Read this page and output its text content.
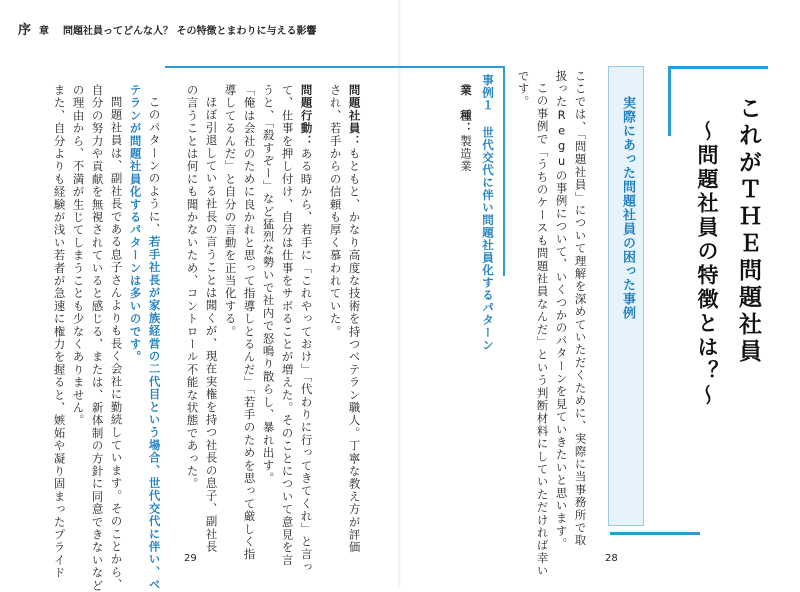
序 章 問題社員ってどんな人？ その特徴とまわりに与える影響
これがＴＨＥ問題社員
〜問題社員の特徴とは？〜
実際にあった問題社員の困った事例
ここでは、「問題社員」について理解を深めていただくために、実際に当事務所で取
扱ったReguの事例について、いくつかのパターンを見ていきたいと思います。
この事例で「うちのケースも問題社員なんだ」という判断材料にしていただければ幸い
です。
事例１ 世代交代に伴い問題社員化するパターン
業　種：製造業
問題社員：もともと、かなり高度な技術を持つベテラン職人。丁寧な教え方が評価
され、若手からの信頼も厚く慕われていた。
問題行動：ある時から、若手に「これやっておけ」「代わりに行ってきてくれ」と言っ
て、仕事を押し付け、自分は仕事をサボることが増えた。そのことについて意見を言
うと、「殺すぞー」など猛烈な勢いで社内で怒鳴り散らし、暴れ出す。
「俺は会社のために良かれと思って指導しとるんだ」「若手のためを思って厳しく指
導してるんだ」と自分の言動を正当化する。
ほぼ引退している社長の言うことは聞くが、現在実権を持つ社長の息子、副社長
の言うことは何にも聞かないため、コントロール不能な状態であった。
このパターンのように、若手社長が家族経営の二代目という場合、世代交代に伴い、ベ
テランが問題社員化するパターンは多いのです。
問題社員は、副社長である息子さんよりも長く会社に勤続しています。そのことから、
自分の努力や貢献を無視されていると感じる、または、新体制の方針に同意できないなど
の理由から、不満が生じてしまうことも少なくありません。
また、自分よりも経験が浅い若者が急速に権力を握ると、嫉妬や凝り固まったプライド	29	28
